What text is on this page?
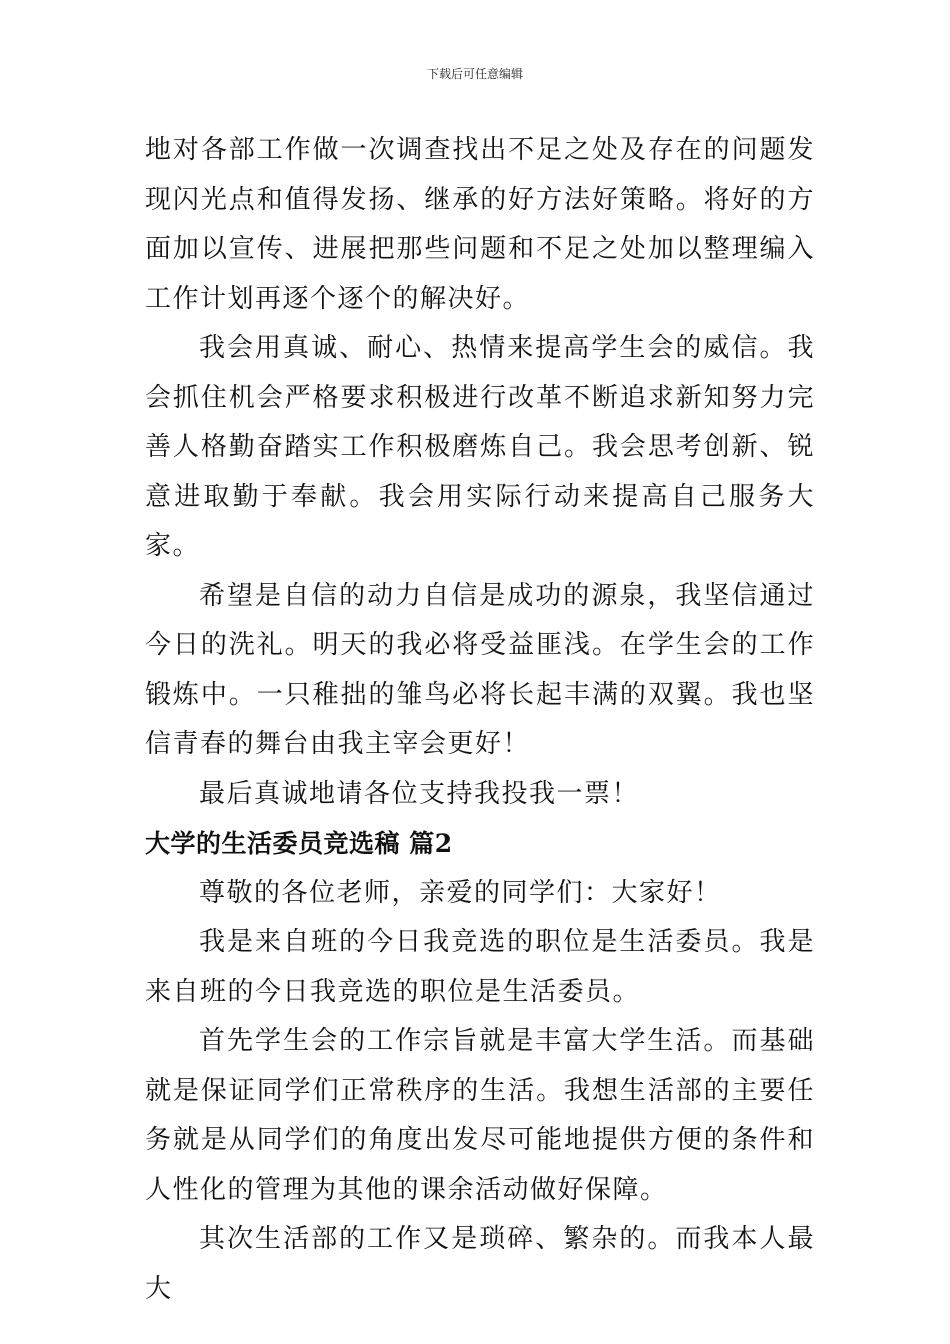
下载后可任意编辑

地对各部工作做一次调查找出不足之处及存在的问题发现闪光点和值得发扬、继承的好方法好策略。将好的方面加以宣传、进展把那些问题和不足之处加以整理编入工作计划再逐个逐个的解决好。

我会用真诚、耐心、热情来提高学生会的威信。我会抓住机会严格要求积极进行改革不断追求新知努力完善人格勤奋踏实工作积极磨炼自己。我会思考创新、锐意进取勤于奉献。我会用实际行动来提高自己服务大家。

希望是自信的动力自信是成功的源泉，我坚信通过今日的洗礼。明天的我必将受益匪浅。在学生会的工作锻炼中。一只稚拙的雏鸟必将长起丰满的双翼。我也坚信青春的舞台由我主宰会更好！

最后真诚地请各位支持我投我一票！

大学的生活委员竞选稿 篇2

尊敬的各位老师，亲爱的同学们：大家好！

我是来自班的今日我竞选的职位是生活委员。我是来自班的今日我竞选的职位是生活委员。

首先学生会的工作宗旨就是丰富大学生活。而基础就是保证同学们正常秩序的生活。我想生活部的主要任务就是从同学们的角度出发尽可能地提供方便的条件和人性化的管理为其他的课余活动做好保障。

其次生活部的工作又是琐碎、繁杂的。而我本人最大
